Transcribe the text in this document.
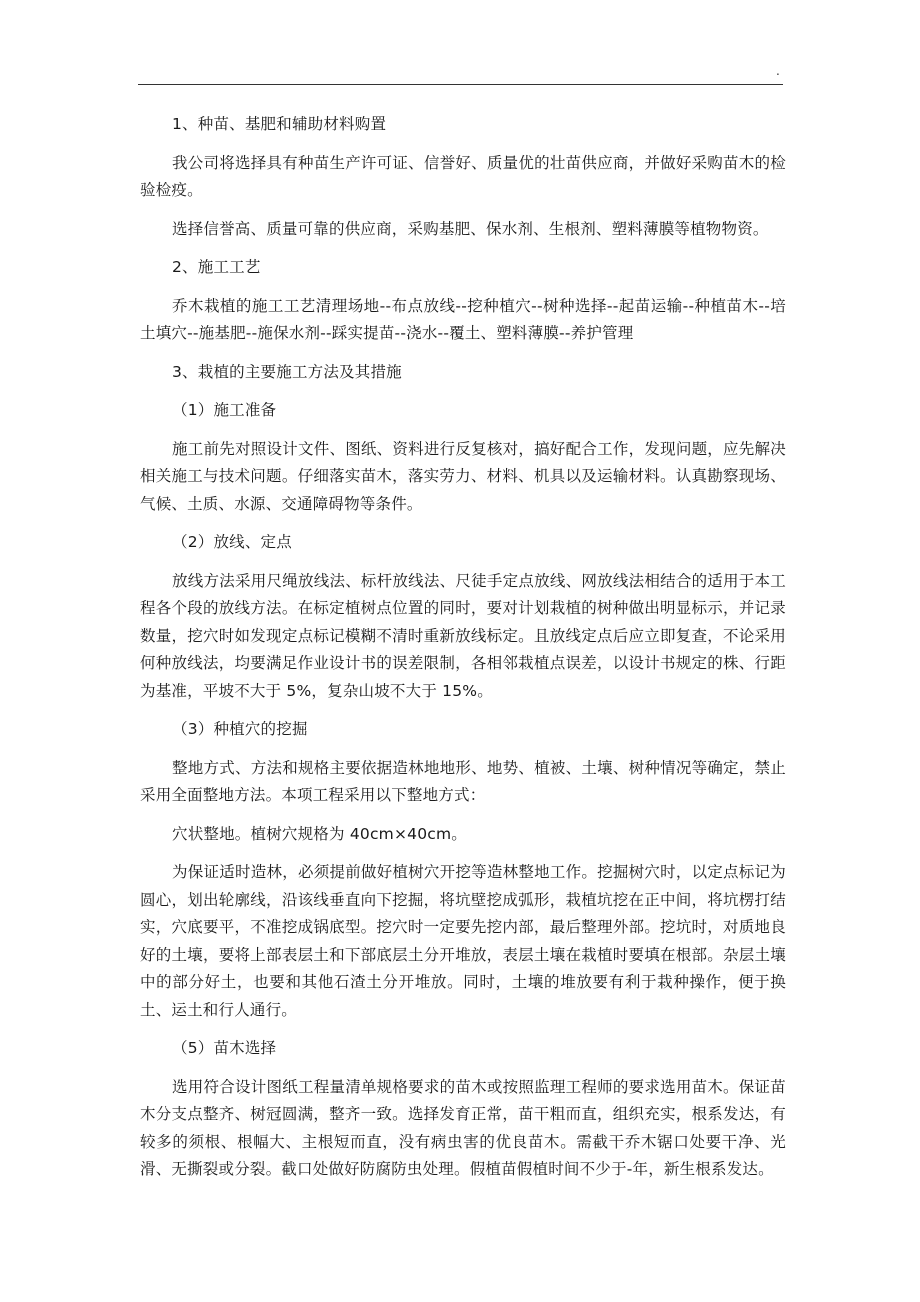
.

1、种苗、基肥和辅助材料购置

我公司将选择具有种苗生产许可证、信誉好、质量优的壮苗供应商，并做好采购苗木的检验检疫。

选择信誉高、质量可靠的供应商，采购基肥、保水剂、生根剂、塑料薄膜等植物物资。

2、施工工艺

乔木栽植的施工工艺清理场地--布点放线--挖种植穴--树种选择--起苗运输--种植苗木--培土填穴--施基肥--施保水剂--踩实提苗--浇水--覆土、塑料薄膜--养护管理

3、栽植的主要施工方法及其措施

（1）施工准备

施工前先对照设计文件、图纸、资料进行反复核对，搞好配合工作，发现问题，应先解决相关施工与技术问题。仔细落实苗木，落实劳力、材料、机具以及运输材料。认真勘察现场、气候、土质、水源、交通障碍物等条件。

（2）放线、定点

放线方法采用尺绳放线法、标杆放线法、尺徒手定点放线、网放线法相结合的适用于本工程各个段的放线方法。在标定植树点位置的同时，要对计划栽植的树种做出明显标示，并记录数量，挖穴时如发现定点标记模糊不清时重新放线标定。且放线定点后应立即复查，不论采用何种放线法，均要满足作业设计书的误差限制，各相邻栽植点误差，以设计书规定的株、行距为基准，平坡不大于 5%，复杂山坡不大于 15%。

（3）种植穴的挖掘

整地方式、方法和规格主要依据造林地地形、地势、植被、土壤、树种情况等确定，禁止采用全面整地方法。本项工程采用以下整地方式：

穴状整地。植树穴规格为 40cm×40cm。

为保证适时造林，必须提前做好植树穴开挖等造林整地工作。挖掘树穴时，以定点标记为圆心，划出轮廓线，沿该线垂直向下挖掘，将坑壁挖成弧形，栽植坑挖在正中间，将坑楞打结实，穴底要平，不准挖成锅底型。挖穴时一定要先挖内部，最后整理外部。挖坑时，对质地良好的土壤，要将上部表层土和下部底层土分开堆放，表层土壤在栽植时要填在根部。杂层土壤中的部分好土，也要和其他石渣土分开堆放。同时，土壤的堆放要有利于栽种操作，便于换土、运土和行人通行。

（5）苗木选择

选用符合设计图纸工程量清单规格要求的苗木或按照监理工程师的要求选用苗木。保证苗木分支点整齐、树冠圆满，整齐一致。选择发育正常，苗干粗而直，组织充实，根系发达，有较多的须根、根幅大、主根短而直，没有病虫害的优良苗木。需截干乔木锯口处要干净、光滑、无撕裂或分裂。截口处做好防腐防虫处理。假植苗假植时间不少于-年，新生根系发达。
